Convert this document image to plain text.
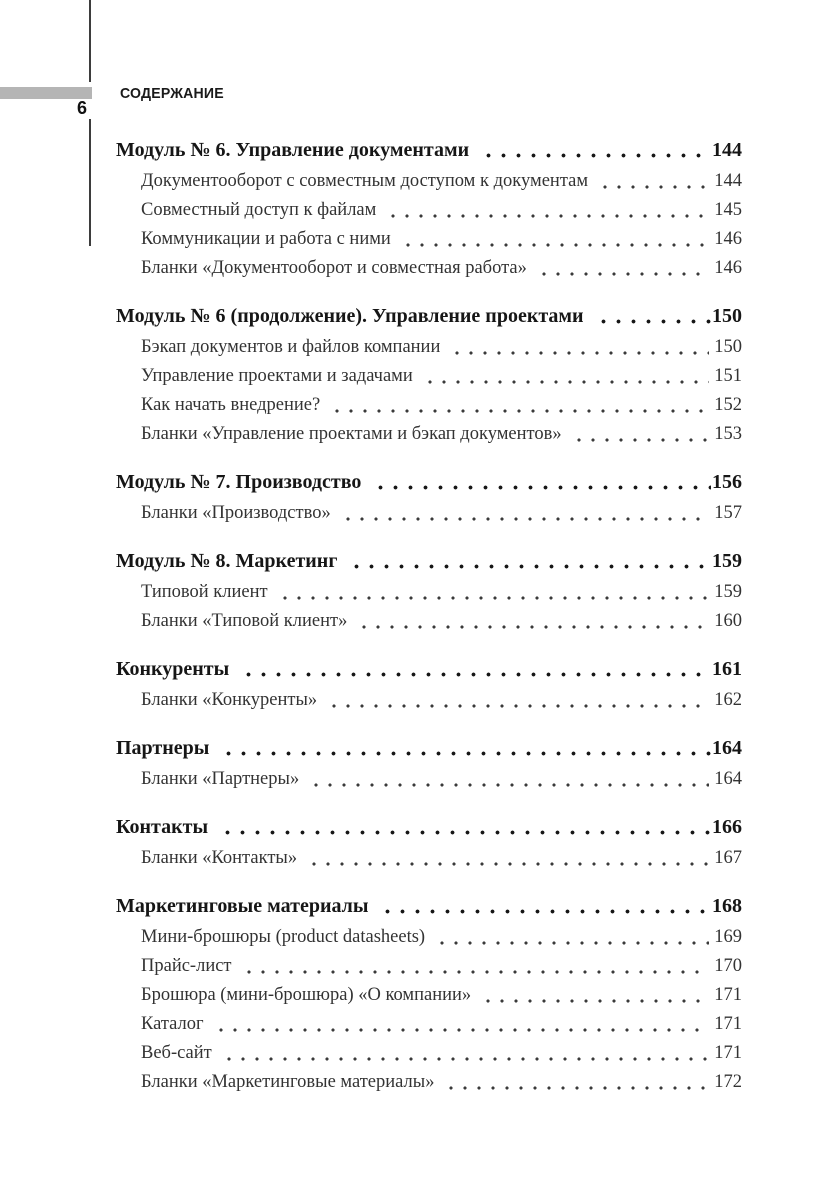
6
СОДЕРЖАНИЕ
Модуль № 6. Управление документами	144
Документооборот с совместным доступом к документам	144
Совместный доступ к файлам	145
Коммуникации и работа с ними	146
Бланки «Документооборот и совместная работа»	146
Модуль № 6 (продолжение). Управление проектами	150
Бэкап документов и файлов компании	150
Управление проектами и задачами	151
Как начать внедрение?	152
Бланки «Управление проектами и бэкап документов»	153
Модуль № 7. Производство	156
Бланки «Производство»	157
Модуль № 8. Маркетинг	159
Типовой клиент	159
Бланки «Типовой клиент»	160
Конкуренты	161
Бланки «Конкуренты»	162
Партнеры	164
Бланки «Партнеры»	164
Контакты	166
Бланки «Контакты»	167
Маркетинговые материалы	168
Мини-брошюры (product datasheets)	169
Прайс-лист	170
Брошюра (мини-брошюра) «О компании»	171
Каталог	171
Веб-сайт	171
Бланки «Маркетинговые материалы»	172
